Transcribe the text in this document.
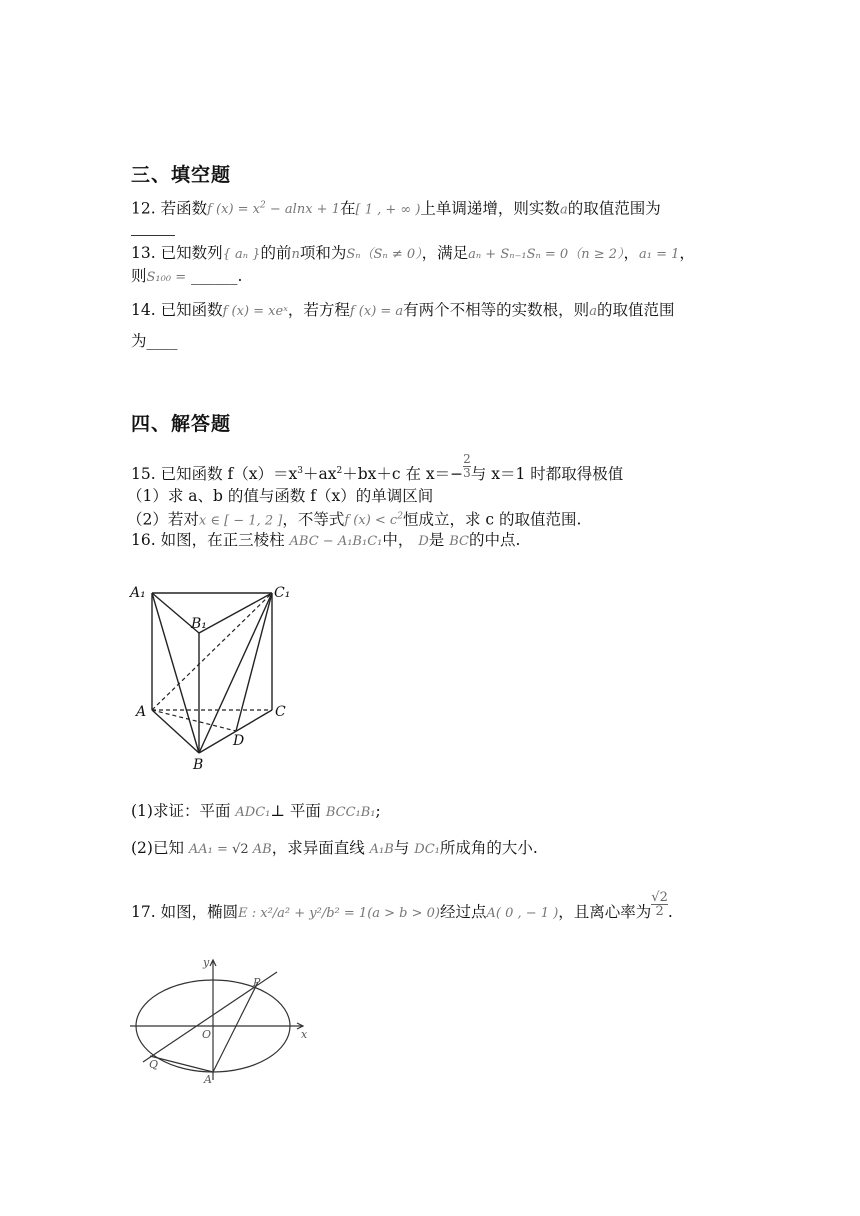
三、填空题
12. 若函数f $(x) = x^2 - alnx + 1$在[ 1 , + ∞ )上单调递增，则实数a的取值范围为
13. 已知数列{ aₙ }的前n项和为Sₙ（Sₙ ≠ 0），满足aₙ + Sₙ₋₁Sₙ = 0（n ≥ 2），a₁ = 1，
则S₁₀₀ = ______.
14. 已知函数f (x) = xeˣ，若方程f (x) = a有两个不相等的实数根，则a的取值范围
为____
四、解答题
15. 已知函数 $f(x)=x^3+ax^2+bx+c$ 在 $x=- \frac{2}{3}$ 与 x＝1 时都取得极值
（1）求 a、b 的值与函数 f（x）的单调区间
（2）若对x ∈ [ − 1, 2 ]，不等式f $(x) < c^2$恒成立，求 c 的取值范围.
16. 如图，在正三棱柱 ABC − A₁B₁C₁中， D是 BC的中点.
A₁	C₁
B₁
A	C
D
B
(1)求证：平面 ADC₁⊥ 平面 BCC₁B₁;
(2)已知 AA₁ = √2 AB，求异面直线 A₁B与 DC₁所成角的大小.
17. 如图，椭圆E : x²/a² + y²/b² = 1(a > b > 0)经过点A( 0 , − 1 )，且离心率为 $\frac{√2}{2}$ .
y
x
O
P
Q
A
